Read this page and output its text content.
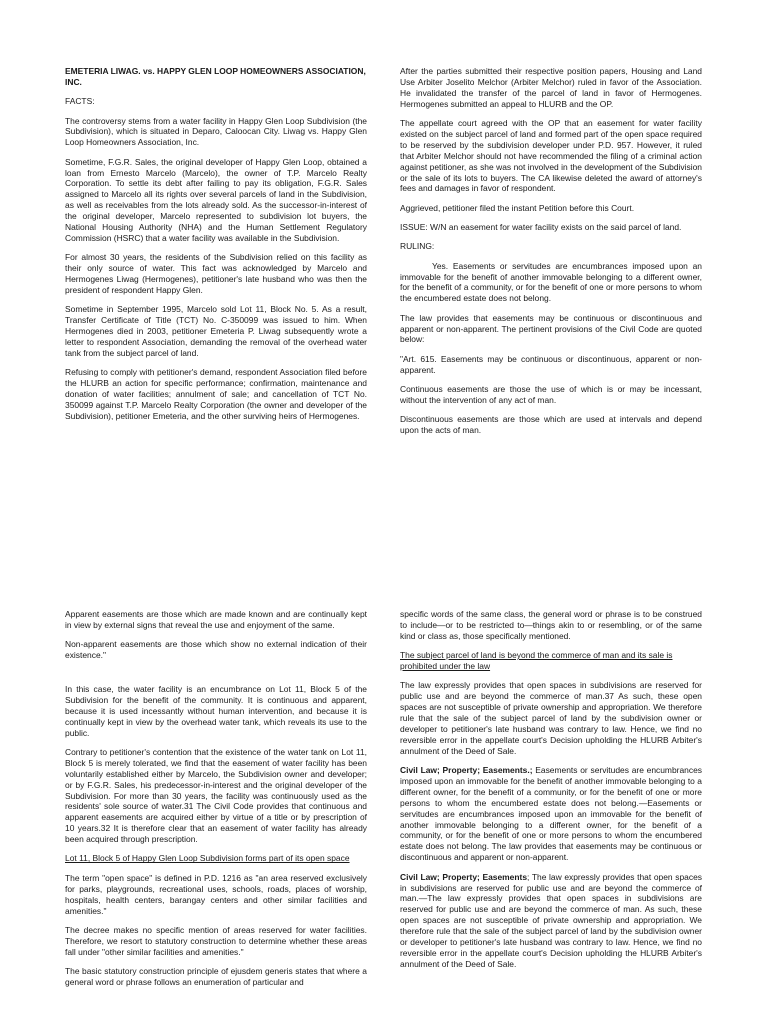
EMETERIA LIWAG. vs. HAPPY GLEN LOOP HOMEOWNERS ASSOCIATION, INC.

FACTS:

The controversy stems from a water facility in Happy Glen Loop Subdivision (the Subdivision), which is situated in Deparo, Caloocan City. Liwag vs. Happy Glen Loop Homeowners Association, Inc.

Sometime, F.G.R. Sales, the original developer of Happy Glen Loop, obtained a loan from Ernesto Marcelo (Marcelo), the owner of T.P. Marcelo Realty Corporation. To settle its debt after failing to pay its obligation, F.G.R. Sales assigned to Marcelo all its rights over several parcels of land in the Subdivision, as well as receivables from the lots already sold. As the successor-in-interest of the original developer, Marcelo represented to subdivision lot buyers, the National Housing Authority (NHA) and the Human Settlement Regulatory Commission (HSRC) that a water facility was available in the Subdivision.

For almost 30 years, the residents of the Subdivision relied on this facility as their only source of water. This fact was acknowledged by Marcelo and Hermogenes Liwag (Hermogenes), petitioner's late husband who was then the president of respondent Happy Glen.

Sometime in September 1995, Marcelo sold Lot 11, Block No. 5. As a result, Transfer Certificate of Title (TCT) No. C-350099 was issued to him. When Hermogenes died in 2003, petitioner Emeteria P. Liwag subsequently wrote a letter to respondent Association, demanding the removal of the overhead water tank from the subject parcel of land.

Refusing to comply with petitioner's demand, respondent Association filed before the HLURB an action for specific performance; confirmation, maintenance and donation of water facilities; annulment of sale; and cancellation of TCT No. 350099 against T.P. Marcelo Realty Corporation (the owner and developer of the Subdivision), petitioner Emeteria, and the other surviving heirs of Hermogenes.

After the parties submitted their respective position papers, Housing and Land Use Arbiter Joselito Melchor (Arbiter Melchor) ruled in favor of the Association. He invalidated the transfer of the parcel of land in favor of Hermogenes. Hermogenes submitted an appeal to HLURB and the OP.

The appellate court agreed with the OP that an easement for water facility existed on the subject parcel of land and formed part of the open space required to be reserved by the subdivision developer under P.D. 957. However, it ruled that Arbiter Melchor should not have recommended the filing of a criminal action against petitioner, as she was not involved in the development of the Subdivision or the sale of its lots to buyers. The CA likewise deleted the award of attorney's fees and damages in favor of respondent.

Aggrieved, petitioner filed the instant Petition before this Court.

ISSUE: W/N an easement for water facility exists on the said parcel of land.

RULING:

Yes. Easements or servitudes are encumbrances imposed upon an immovable for the benefit of another immovable belonging to a different owner, for the benefit of a community, or for the benefit of one or more persons to whom the encumbered estate does not belong.

The law provides that easements may be continuous or discontinuous and apparent or non-apparent. The pertinent provisions of the Civil Code are quoted below:

"Art. 615. Easements may be continuous or discontinuous, apparent or non-apparent.

Continuous easements are those the use of which is or may be incessant, without the intervention of any act of man.

Discontinuous easements are those which are used at intervals and depend upon the acts of man.

Apparent easements are those which are made known and are continually kept in view by external signs that reveal the use and enjoyment of the same.

Non-apparent easements are those which show no external indication of their existence."

In this case, the water facility is an encumbrance on Lot 11, Block 5 of the Subdivision for the benefit of the community. It is continuous and apparent, because it is used incessantly without human intervention, and because it is continually kept in view by the overhead water tank, which reveals its use to the public.

Contrary to petitioner's contention that the existence of the water tank on Lot 11, Block 5 is merely tolerated, we find that the easement of water facility has been voluntarily established either by Marcelo, the Subdivision owner and developer; or by F.G.R. Sales, his predecessor-in-interest and the original developer of the Subdivision. For more than 30 years, the facility was continuously used as the residents' sole source of water.31 The Civil Code provides that continuous and apparent easements are acquired either by virtue of a title or by prescription of 10 years.32 It is therefore clear that an easement of water facility has already been acquired through prescription.

Lot 11, Block 5 of Happy Glen Loop Subdivision forms part of its open space

The term "open space" is defined in P.D. 1216 as "an area reserved exclusively for parks, playgrounds, recreational uses, schools, roads, places of worship, hospitals, health centers, barangay centers and other similar facilities and amenities."

The decree makes no specific mention of areas reserved for water facilities. Therefore, we resort to statutory construction to determine whether these areas fall under "other similar facilities and amenities."

The basic statutory construction principle of ejusdem generis states that where a general word or phrase follows an enumeration of particular and

specific words of the same class, the general word or phrase is to be construed to include—or to be restricted to—things akin to or resembling, or of the same kind or class as, those specifically mentioned.

The subject parcel of land is beyond the commerce of man and its sale is prohibited under the law

The law expressly provides that open spaces in subdivisions are reserved for public use and are beyond the commerce of man.37 As such, these open spaces are not susceptible of private ownership and appropriation. We therefore rule that the sale of the subject parcel of land by the subdivision owner or developer to petitioner's late husband was contrary to law. Hence, we find no reversible error in the appellate court's Decision upholding the HLURB Arbiter's annulment of the Deed of Sale.

Civil Law; Property; Easements.; Easements or servitudes are encumbrances imposed upon an immovable for the benefit of another immovable belonging to a different owner, for the benefit of a community, or for the benefit of one or more persons to whom the encumbered estate does not belong.—Easements or servitudes are encumbrances imposed upon an immovable for the benefit of another immovable belonging to a different owner, for the benefit of a community, or for the benefit of one or more persons to whom the encumbered estate does not belong. The law provides that easements may be continuous or discontinuous and apparent or non-apparent.

Civil Law; Property; Easements; The law expressly provides that open spaces in subdivisions are reserved for public use and are beyond the commerce of man.—The law expressly provides that open spaces in subdivisions are reserved for public use and are beyond the commerce of man. As such, these open spaces are not susceptible of private ownership and appropriation. We therefore rule that the sale of the subject parcel of land by the subdivision owner or developer to petitioner's late husband was contrary to law. Hence, we find no reversible error in the appellate court's Decision upholding the HLURB Arbiter's annulment of the Deed of Sale.
